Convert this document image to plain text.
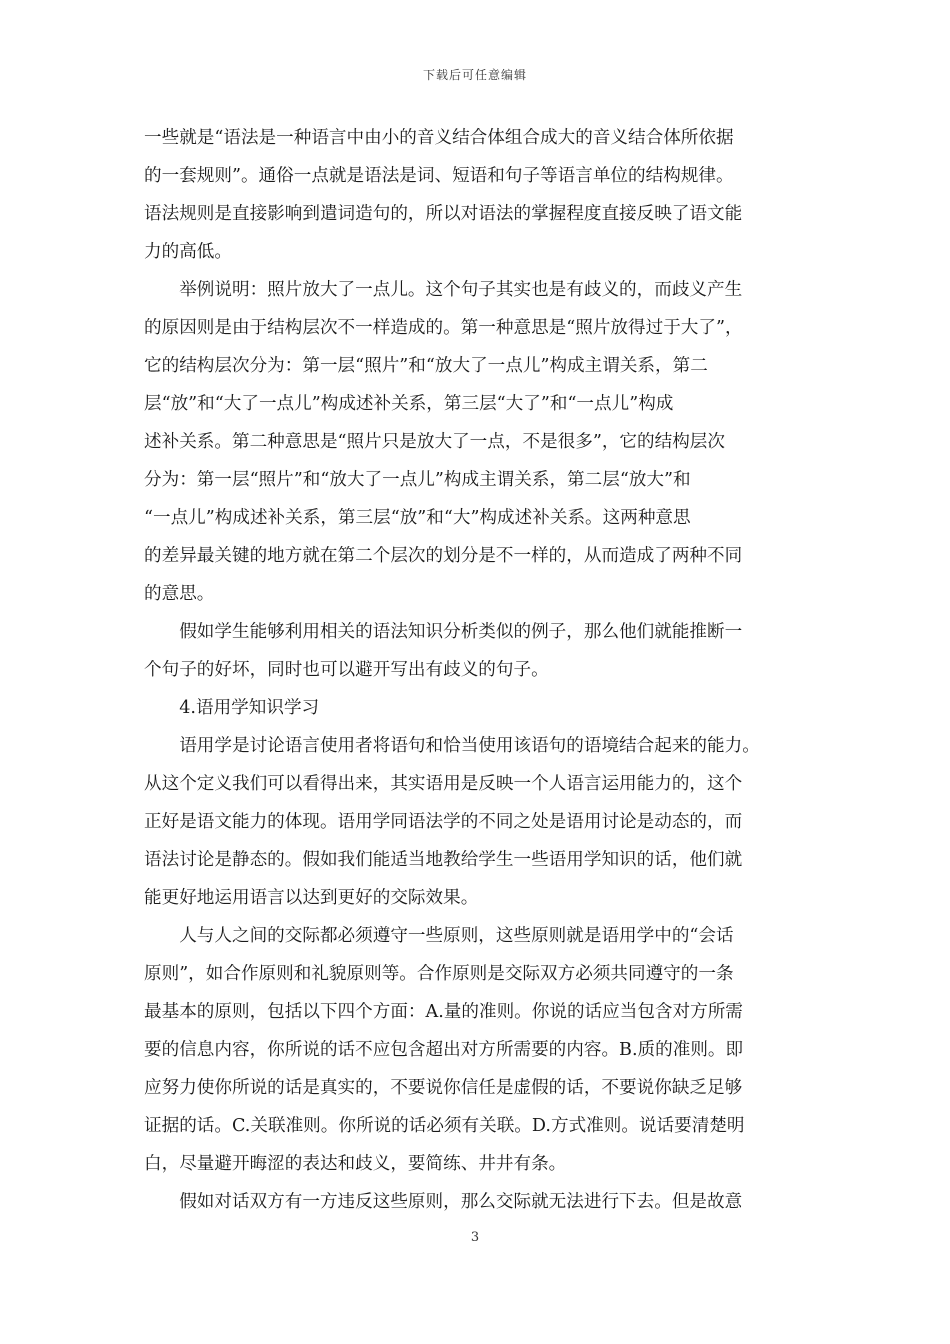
下载后可任意编辑
一些就是“语法是一种语言中由小的音义结合体组合成大的音义结合体所依据
的一套规则”。通俗一点就是语法是词、短语和句子等语言单位的结构规律。
语法规则是直接影响到遣词造句的，所以对语法的掌握程度直接反映了语文能
力的高低。
　　举例说明：照片放大了一点儿。这个句子其实也是有歧义的，而歧义产生
的原因则是由于结构层次不一样造成的。第一种意思是“照片放得过于大了”，
它的结构层次分为：第一层“照片”和“放大了一点儿”构成主谓关系，第二
层“放”和“大了一点儿”构成述补关系，第三层“大了”和“一点儿”构成
述补关系。第二种意思是“照片只是放大了一点，不是很多”，它的结构层次
分为：第一层“照片”和“放大了一点儿”构成主谓关系，第二层“放大”和
“一点儿”构成述补关系，第三层“放”和“大”构成述补关系。这两种意思
的差异最关键的地方就在第二个层次的划分是不一样的，从而造成了两种不同
的意思。
　　假如学生能够利用相关的语法知识分析类似的例子，那么他们就能推断一
个句子的好坏，同时也可以避开写出有歧义的句子。
　　4.语用学知识学习
　　语用学是讨论语言使用者将语句和恰当使用该语句的语境结合起来的能力。
从这个定义我们可以看得出来，其实语用是反映一个人语言运用能力的，这个
正好是语文能力的体现。语用学同语法学的不同之处是语用讨论是动态的，而
语法讨论是静态的。假如我们能适当地教给学生一些语用学知识的话，他们就
能更好地运用语言以达到更好的交际效果。
　　人与人之间的交际都必须遵守一些原则，这些原则就是语用学中的“会话
原则”，如合作原则和礼貌原则等。合作原则是交际双方必须共同遵守的一条
最基本的原则，包括以下四个方面：A.量的准则。你说的话应当包含对方所需
要的信息内容，你所说的话不应包含超出对方所需要的内容。B.质的准则。即
应努力使你所说的话是真实的，不要说你信任是虚假的话，不要说你缺乏足够
证据的话。C.关联准则。你所说的话必须有关联。D.方式准则。说话要清楚明
白，尽量避开晦涩的表达和歧义，要简练、井井有条。
　　假如对话双方有一方违反这些原则，那么交际就无法进行下去。但是故意
3
